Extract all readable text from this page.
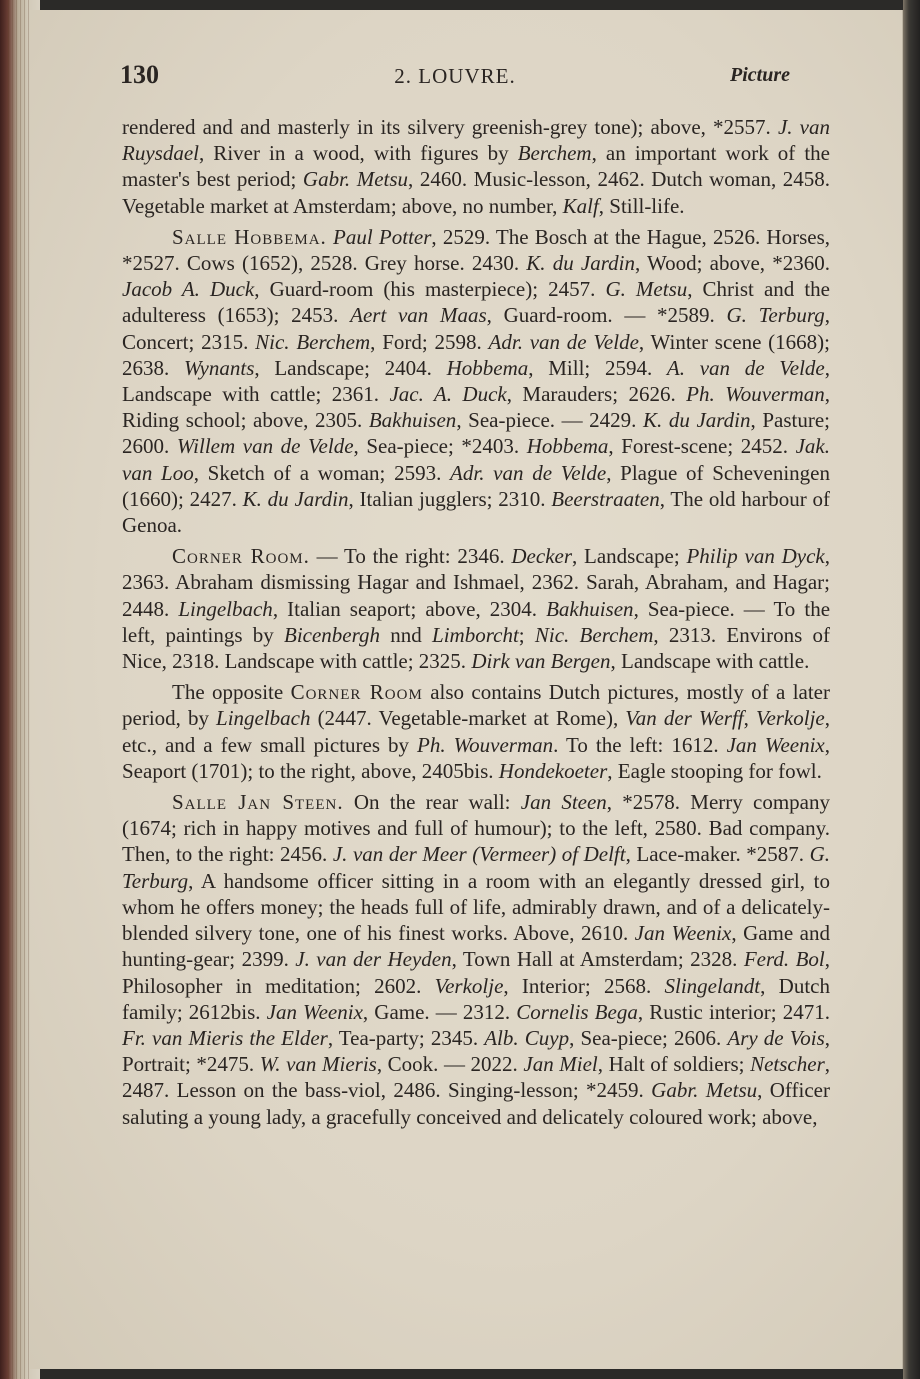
130	2. LOUVRE.	Picture

rendered and and masterly in its silvery greenish-grey tone); above, *2557. J. van Ruysdael, River in a wood, with figures by Berchem, an important work of the master's best period; Gabr. Metsu, 2460. Music-lesson, 2462. Dutch woman, 2458. Vegetable market at Amsterdam; above, no number, Kalf, Still-life.

Salle Hobbema. Paul Potter, 2529. The Bosch at the Hague, 2526. Horses, *2527. Cows (1652), 2528. Grey horse. 2430. K. du Jardin, Wood; above, *2360. Jacob A. Duck, Guard-room (his masterpiece); 2457. G. Metsu, Christ and the adulteress (1653); 2453. Aert van Maas, Guard-room. — *2589. G. Terburg, Concert; 2315. Nic. Berchem, Ford; 2598. Adr. van de Velde, Winter scene (1668); 2638. Wynants, Landscape; 2404. Hobbema, Mill; 2594. A. van de Velde, Landscape with cattle; 2361. Jac. A. Duck, Marauders; 2626. Ph. Wouverman, Riding school; above, 2305. Bakhuisen, Sea-piece. — 2429. K. du Jardin, Pasture; 2600. Willem van de Velde, Sea-piece; *2403. Hobbema, Forest-scene; 2452. Jak. van Loo, Sketch of a woman; 2593. Adr. van de Velde, Plague of Scheveningen (1660); 2427. K. du Jardin, Italian jugglers; 2310. Beerstraaten, The old harbour of Genoa.

Corner Room. — To the right: 2346. Decker, Landscape; Philip van Dyck, 2363. Abraham dismissing Hagar and Ishmael, 2362. Sarah, Abraham, and Hagar; 2448. Lingelbach, Italian seaport; above, 2304. Bakhuisen, Sea-piece. — To the left, paintings by Bicenbergh nnd Limborcht; Nic. Berchem, 2313. Environs of Nice, 2318. Landscape with cattle; 2325. Dirk van Bergen, Landscape with cattle.

The opposite Corner Room also contains Dutch pictures, mostly of a later period, by Lingelbach (2447. Vegetable-market at Rome), Van der Werff, Verkolje, etc., and a few small pictures by Ph. Wouverman. To the left: 1612. Jan Weenix, Seaport (1701); to the right, above, 2405bis. Hondekoeter, Eagle stooping for fowl.

Salle Jan Steen. On the rear wall: Jan Steen, *2578. Merry company (1674; rich in happy motives and full of humour); to the left, 2580. Bad company. Then, to the right: 2456. J. van der Meer (Vermeer) of Delft, Lace-maker. *2587. G. Terburg, A handsome officer sitting in a room with an elegantly dressed girl, to whom he offers money; the heads full of life, admirably drawn, and of a delicately-blended silvery tone, one of his finest works. Above, 2610. Jan Weenix, Game and hunting-gear; 2399. J. van der Heyden, Town Hall at Amsterdam; 2328. Ferd. Bol, Philosopher in meditation; 2602. Verkolje, Interior; 2568. Slingelandt, Dutch family; 2612bis. Jan Weenix, Game. — 2312. Cornelis Bega, Rustic interior; 2471. Fr. van Mieris the Elder, Tea-party; 2345. Alb. Cuyp, Sea-piece; 2606. Ary de Vois, Portrait; *2475. W. van Mieris, Cook. — 2022. Jan Miel, Halt of soldiers; Netscher, 2487. Lesson on the bass-viol, 2486. Singing-lesson; *2459. Gabr. Metsu, Officer saluting a young lady, a gracefully conceived and delicately coloured work; above,
